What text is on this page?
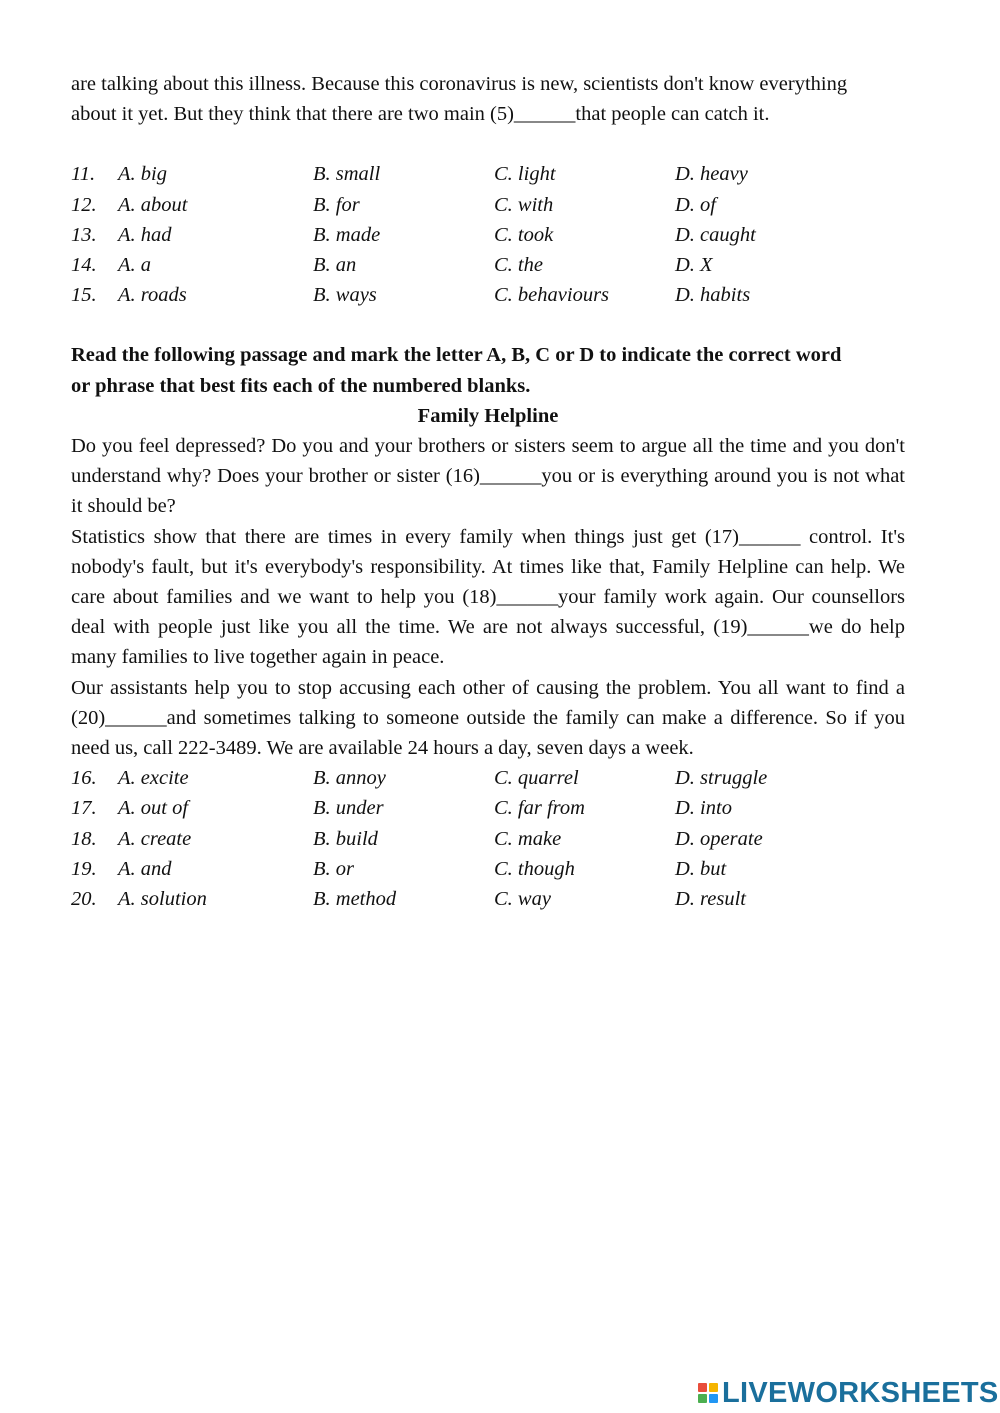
are talking about this illness. Because this coronavirus is new, scientists don't know everything

about it yet. But they think that there are two main (5)______that people can catch it.

11.	A. big	B. small	C. light	D. heavy
12.	A. about	B. for	C. with	D. of
13.	A. had	B. made	C. took	D. caught
14.	A. a	B. an	C. the	D. X
15.	A. roads	B. ways	C. behaviours	D. habits

Read the following passage and mark the letter A, B, C or D to indicate the correct word

or phrase that best fits each of the numbered blanks.

Family Helpline

Do you feel depressed? Do you and your brothers or sisters seem to argue all the time and you don't understand why? Does your brother or sister (16)______you or is everything around you is not what it should be?

Statistics show that there are times in every family when things just get (17)______ control. It's nobody's fault, but it's everybody's responsibility. At times like that, Family Helpline can help. We care about families and we want to help you (18)______your family work again. Our counsellors deal with people just like you all the time. We are not always successful, (19)______we do help many families to live together again in peace.

Our assistants help you to stop accusing each other of causing the problem. You all want to find a (20)______and sometimes talking to someone outside the family can make a difference. So if you need us, call 222-3489. We are available 24 hours a day, seven days a week.

16.	A. excite	B. annoy	C. quarrel	D. struggle
17.	A. out of	B. under	C. far from	D. into
18.	A. create	B. build	C. make	D. operate
19.	A. and	B. or	C. though	D. but
20.	A. solution	B. method	C. way	D. result
LIVEWORKSHEETS
